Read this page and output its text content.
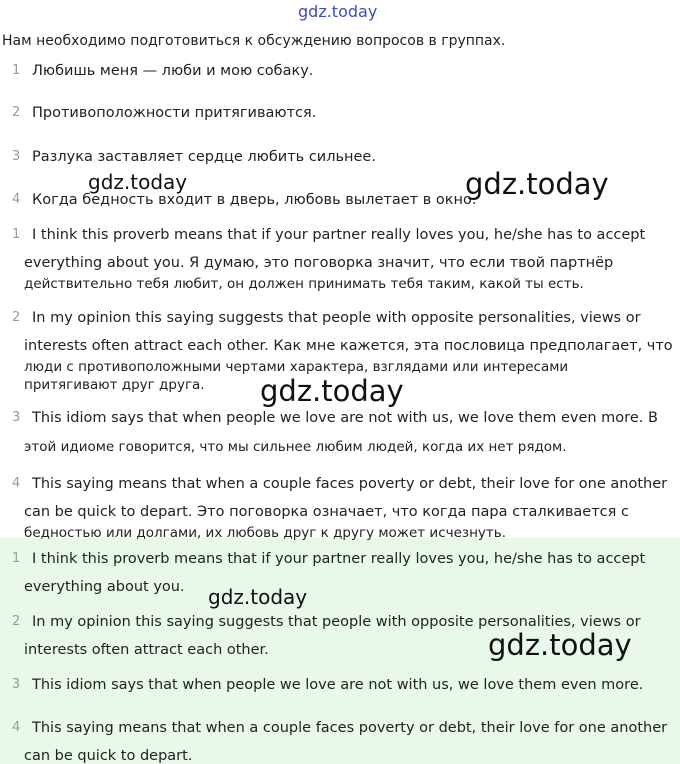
gdz.today
Нам необходимо подготовиться к обсуждению вопросов в группах.
1 Любишь меня — люби и мою собаку.
2 Противоположности притягиваются.
3 Разлука заставляет сердце любить сильнее.
4 Когда бедность входит в дверь, любовь вылетает в окно.
1 I think this proverb means that if your partner really loves you, he/she has to accept
everything about you. Я думаю, это поговорка значит, что если твой партнёр
действительно тебя любит, он должен принимать тебя таким, какой ты есть.
2 In my opinion this saying suggests that people with opposite personalities, views or
interests often attract each other. Как мне кажется, эта пословица предполагает, что
люди с противоположными чертами характера, взглядами или интересами
притягивают друг друга.
3 This idiom says that when people we love are not with us, we love them even more. В
этой идиоме говорится, что мы сильнее любим людей, когда их нет рядом.
4 This saying means that when a couple faces poverty or debt, their love for one another
can be quick to depart. Это поговорка означает, что когда пара сталкивается с
бедностью или долгами, их любовь друг к другу может исчезнуть.
1 I think this proverb means that if your partner really loves you, he/she has to accept
everything about you.
2 In my opinion this saying suggests that people with opposite personalities, views or
interests often attract each other.
3 This idiom says that when people we love are not with us, we love them even more.
4 This saying means that when a couple faces poverty or debt, their love for one another
can be quick to depart.
gdz.today	gdz.today
gdz.today
gdz.today
gdz.today
